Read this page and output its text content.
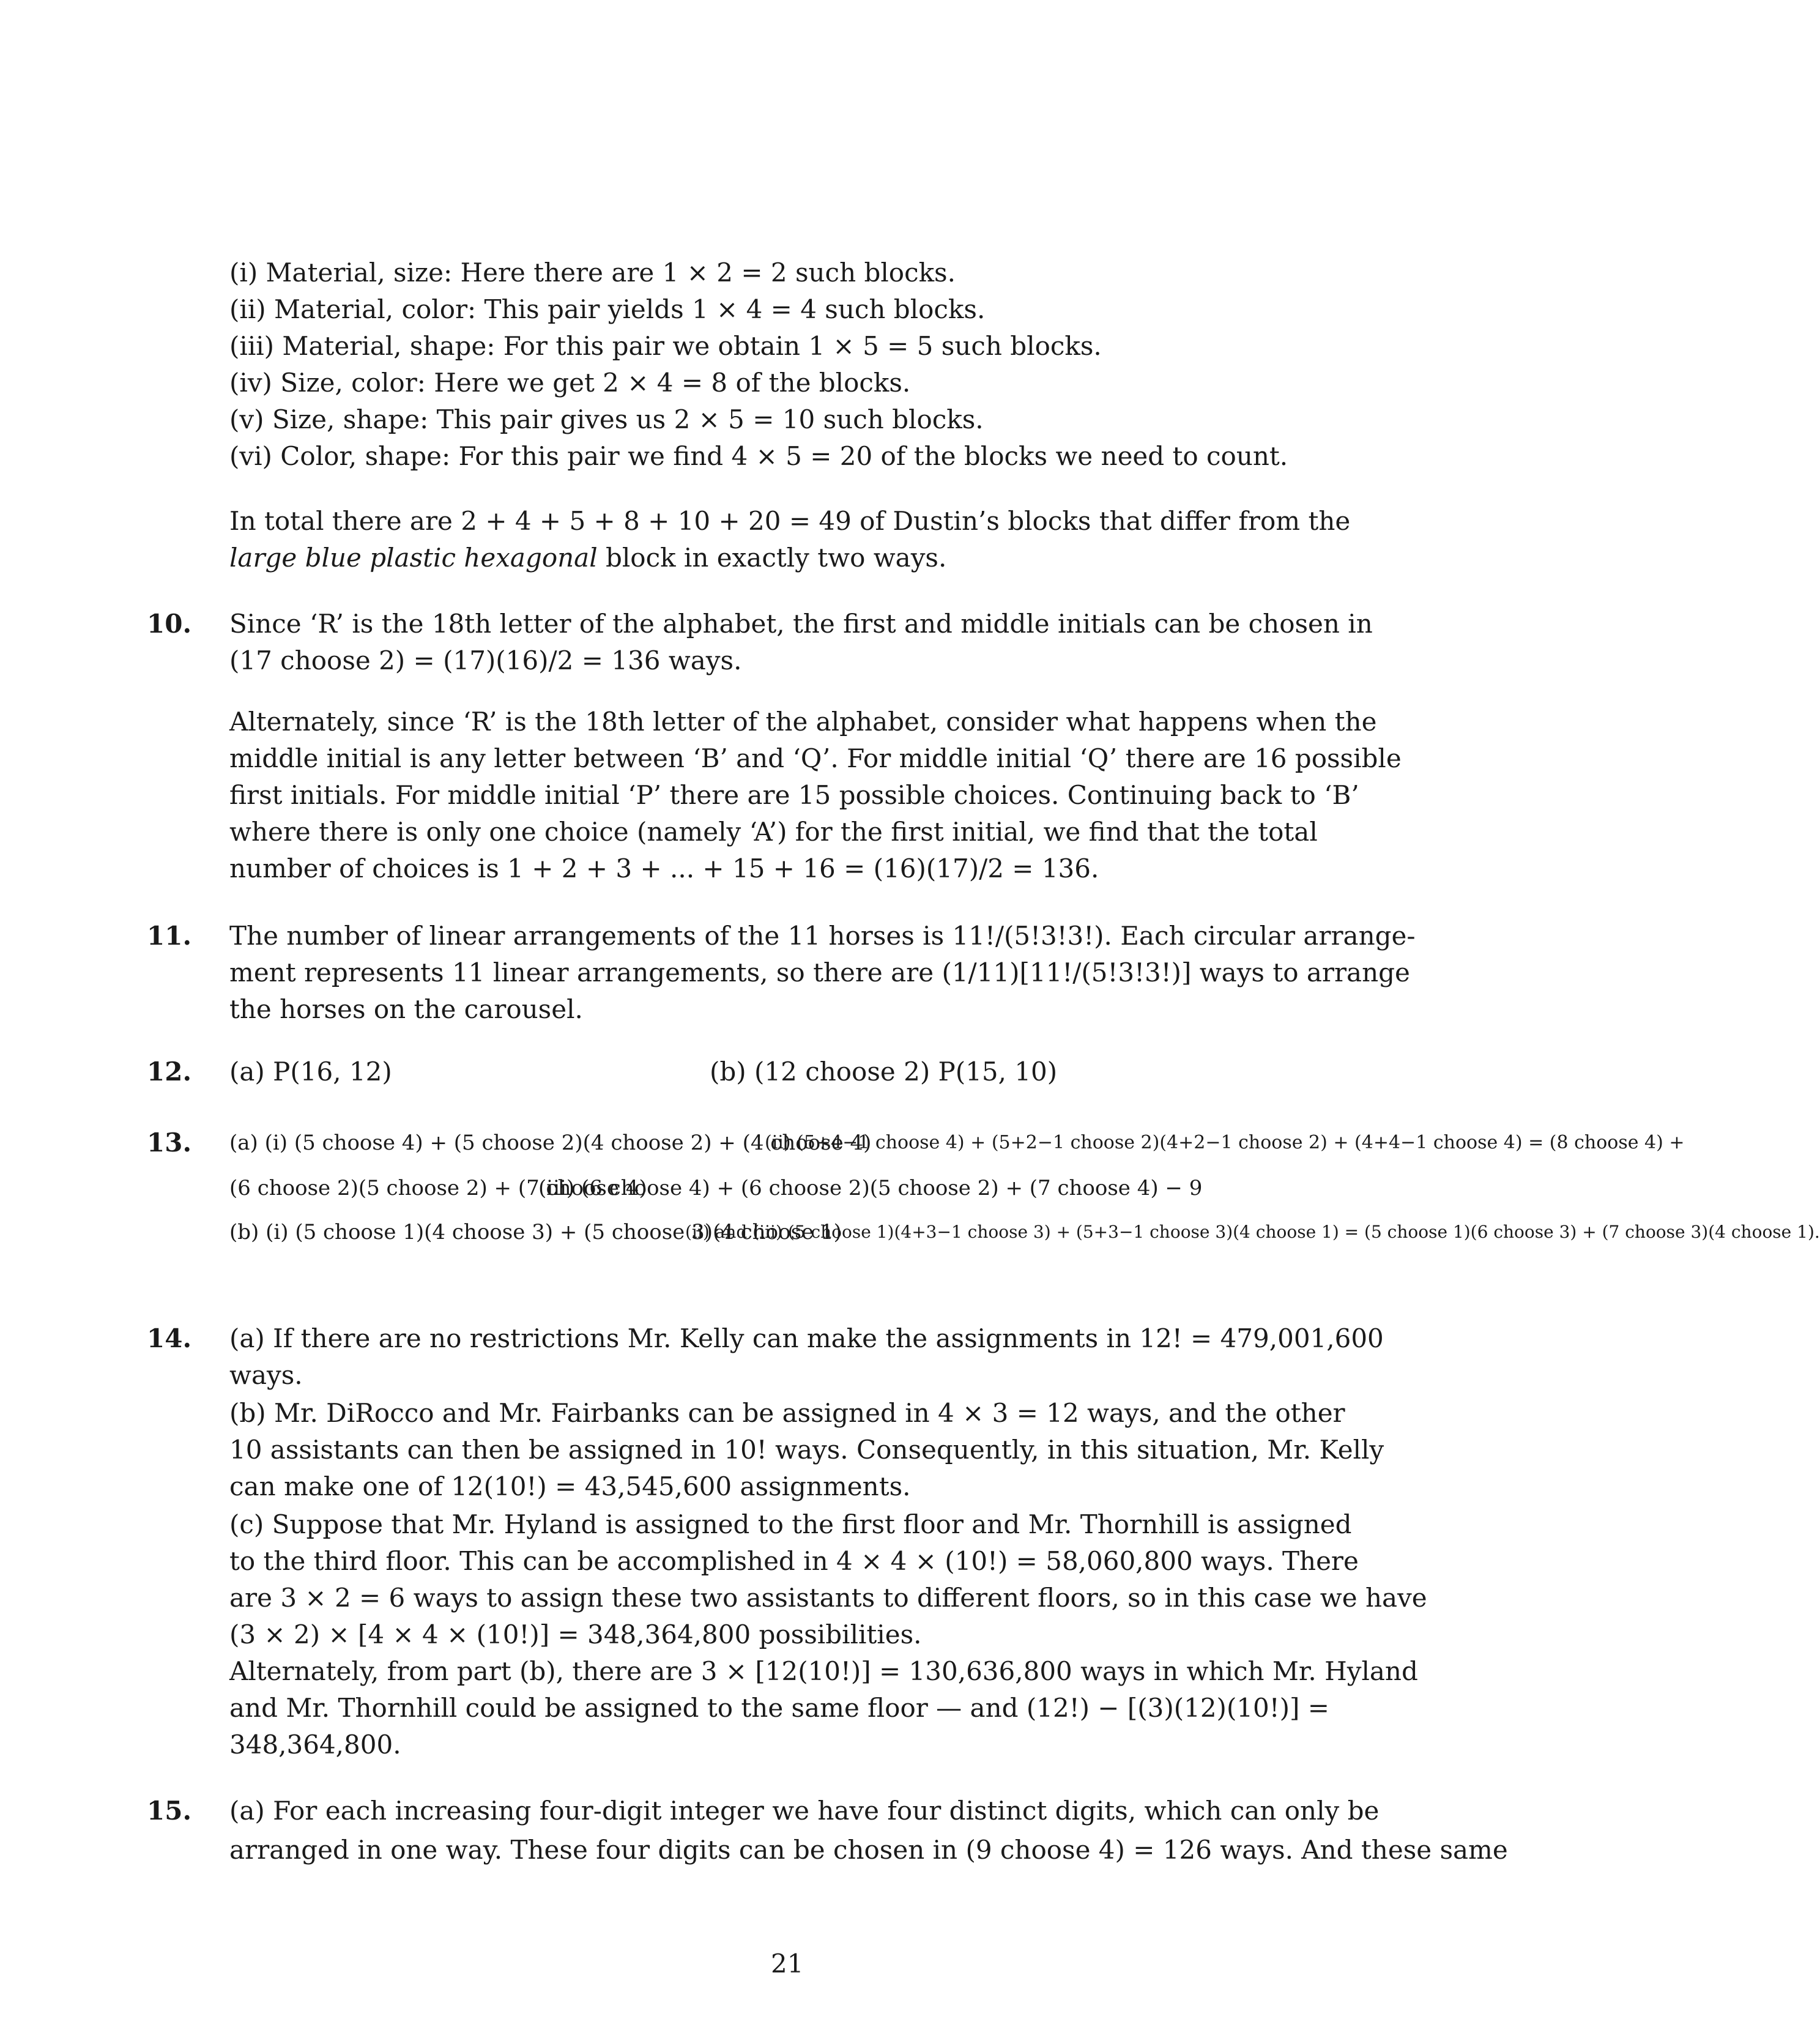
(i) Material, size: Here there are 1 × 2 = 2 such blocks.
(ii) Material, color: This pair yields 1 × 4 = 4 such blocks.
(iii) Material, shape: For this pair we obtain 1 × 5 = 5 such blocks.
(iv) Size, color: Here we get 2 × 4 = 8 of the blocks.
(v) Size, shape: This pair gives us 2 × 5 = 10 such blocks.
(vi) Color, shape: For this pair we find 4 × 5 = 20 of the blocks we need to count.
In total there are 2 + 4 + 5 + 8 + 10 + 20 = 49 of Dustin’s blocks that differ from the
large blue plastic hexagonal block in exactly two ways.
10. Since ‘R’ is the 18th letter of the alphabet, the first and middle initials can be chosen in
(17 choose 2) = (17)(16)/2 = 136 ways.
Alternately, since ‘R’ is the 18th letter of the alphabet, consider what happens when the
middle initial is any letter between ‘B’ and ‘Q’. For middle initial ‘Q’ there are 16 possible
first initials. For middle initial ‘P’ there are 15 possible choices. Continuing back to ‘B’
where there is only one choice (namely ‘A’) for the first initial, we find that the total
number of choices is 1 + 2 + 3 + ... + 15 + 16 = (16)(17)/2 = 136.
11. The number of linear arrangements of the 11 horses is 11!/(5!3!3!). Each circular arrange-
ment represents 11 linear arrangements, so there are (1/11)[11!/(5!3!3!)] ways to arrange
the horses on the carousel.
12. (a) P(16, 12)	(b) (12 choose 2) P(15, 10)
13. (a) (i) (5 choose 4) + (5 choose 2)(4 choose 2) + (4 choose 4)
(ii) (5+4−1 choose 4) + (5+2−1 choose 2)(4+2−1 choose 2) + (4+4−1 choose 4) = (8 choose 4) +
(6 choose 2)(5 choose 2) + (7 choose 4)
(iii) (6 choose 4) + (6 choose 2)(5 choose 2) + (7 choose 4) − 9
(b) (i) (5 choose 1)(4 choose 3) + (5 choose 3)(4 choose 1)
(ii) and (iii) (5 choose 1)(4+3−1 choose 3) + (5+3−1 choose 3)(4 choose 1) = (5 choose 1)(6 choose 3) + (7 choose 3)(4 choose 1).
14. (a) If there are no restrictions Mr. Kelly can make the assignments in 12! = 479,001,600
ways.
(b) Mr. DiRocco and Mr. Fairbanks can be assigned in 4 × 3 = 12 ways, and the other
10 assistants can then be assigned in 10! ways. Consequently, in this situation, Mr. Kelly
can make one of 12(10!) = 43,545,600 assignments.
(c) Suppose that Mr. Hyland is assigned to the first floor and Mr. Thornhill is assigned
to the third floor. This can be accomplished in 4 × 4 × (10!) = 58,060,800 ways. There
are 3 × 2 = 6 ways to assign these two assistants to different floors, so in this case we have
(3 × 2) × [4 × 4 × (10!)] = 348,364,800 possibilities.
Alternately, from part (b), there are 3 × [12(10!)] = 130,636,800 ways in which Mr. Hyland
and Mr. Thornhill could be assigned to the same floor — and (12!) − [(3)(12)(10!)] =
348,364,800.
15. (a) For each increasing four-digit integer we have four distinct digits, which can only be
arranged in one way. These four digits can be chosen in (9 choose 4) = 126 ways. And these same
21
